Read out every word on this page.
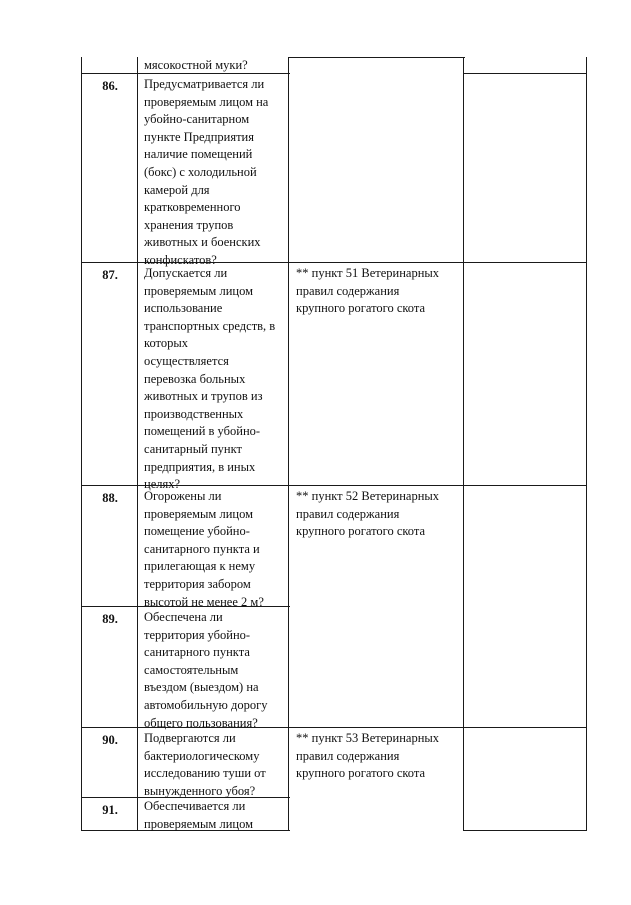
мясокостной муки?
86.	Предусматривается ли
проверяемым лицом на
убойно-санитарном
пункте Предприятия
наличие помещений
(бокс) с холодильной
камерой для
кратковременного
хранения трупов
животных и боенских
конфискатов?
87.	Допускается ли
проверяемым лицом
использование
транспортных средств, в
которых
осуществляется
перевозка больных
животных и трупов из
производственных
помещений в убойно-
санитарный пункт
предприятия, в иных
целях?
** пункт 51 Ветеринарных
правил содержания
крупного рогатого скота
88.	Огорожены ли
проверяемым лицом
помещение убойно-
санитарного пункта и
прилегающая к нему
территория забором
высотой не менее 2 м?
** пункт 52 Ветеринарных
правил содержания
крупного рогатого скота
89.	Обеспечена ли
территория убойно-
санитарного пункта
самостоятельным
въездом (выездом) на
автомобильную дорогу
общего пользования?
90.	Подвергаются ли
бактериологическому
исследованию туши от
вынужденного убоя?
** пункт 53 Ветеринарных
правил содержания
крупного рогатого скота
91.	Обеспечивается ли
проверяемым лицом
